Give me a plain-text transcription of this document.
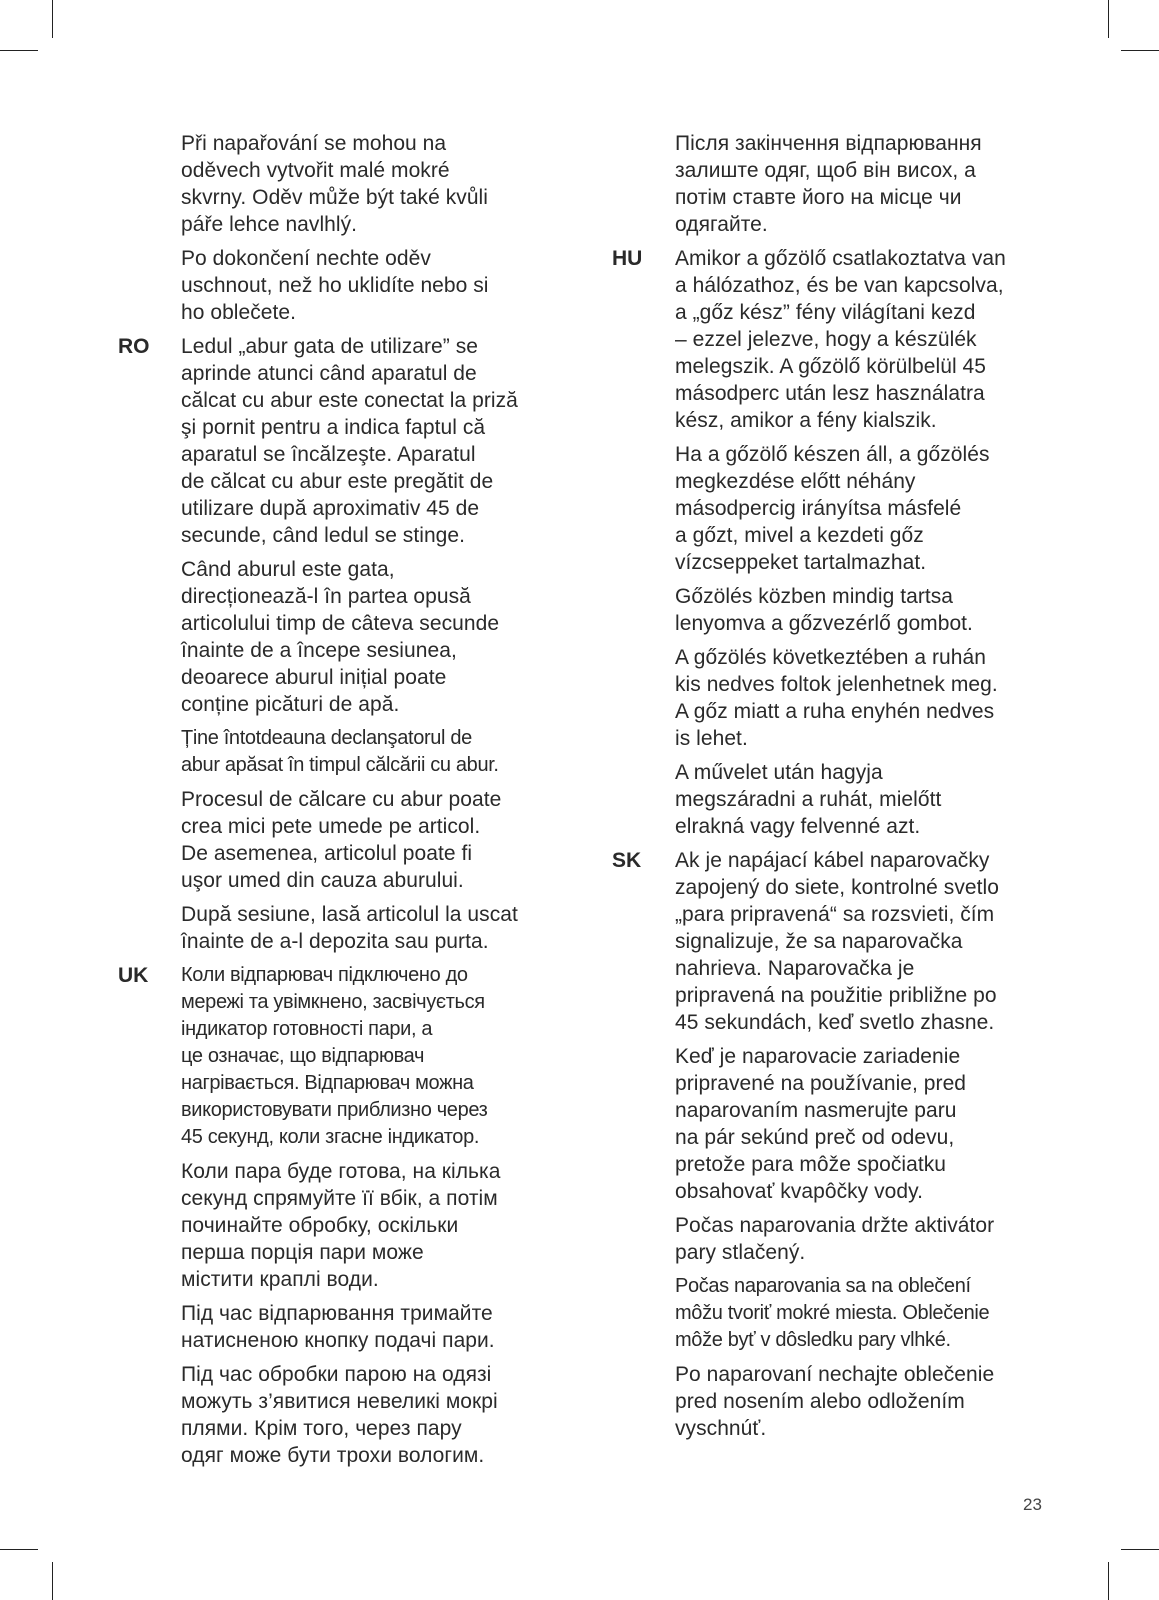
Při napařování se mohou na
oděvech vytvořit malé mokré
skvrny. Oděv může být také kvůli
páře lehce navlhlý.

Po dokončení nechte oděv
uschnout, než ho uklidíte nebo si
ho oblečete.

RO Ledul „abur gata de utilizare” se
aprinde atunci când aparatul de
călcat cu abur este conectat la priză
şi pornit pentru a indica faptul că
aparatul se încălzeşte. Aparatul
de călcat cu abur este pregătit de
utilizare după aproximativ 45 de
secunde, când ledul se stinge.

Când aburul este gata,
direcționează-l în partea opusă
articolului timp de câteva secunde
înainte de a începe sesiunea,
deoarece aburul inițial poate
conține picături de apă.

Ține întotdeauna declanşatorul de
abur apăsat în timpul călcării cu abur.

Procesul de călcare cu abur poate
crea mici pete umede pe articol.
De asemenea, articolul poate fi
uşor umed din cauza aburului.

După sesiune, lasă articolul la uscat
înainte de a-l depozita sau purta.

UK Коли відпарювач підключено до
мережі та увімкнено, засвічується
індикатор готовності пари, а
це означає, що відпарювач
нагрівається. Відпарювач можна
використовувати приблизно через
45 секунд, коли згасне індикатор.

Коли пара буде готова, на кілька
секунд спрямуйте її вбік, а потім
починайте обробку, оскільки
перша порція пари може
містити краплі води.

Під час відпарювання тримайте
натисненою кнопку подачі пари.

Під час обробки парою на одязі
можуть з’явитися невеликі мокрі
плями. Крім того, через пару
одяг може бути трохи вологим.

Після закінчення відпарювання
залиште одяг, щоб він висох, а
потім ставте його на місце чи
одягайте.

HU Amikor a gőzölő csatlakoztatva van
a hálózathoz, és be van kapcsolva,
a „gőz kész” fény világítani kezd
– ezzel jelezve, hogy a készülék
melegszik. A gőzölő körülbelül 45
másodperc után lesz használatra
kész, amikor a fény kialszik.

Ha a gőzölő készen áll, a gőzölés
megkezdése előtt néhány
másodpercig irányítsa másfelé
a gőzt, mivel a kezdeti gőz
vízcseppeket tartalmazhat.

Gőzölés közben mindig tartsa
lenyomva a gőzvezérlő gombot.

A gőzölés következtében a ruhán
kis nedves foltok jelenhetnek meg.
A gőz miatt a ruha enyhén nedves
is lehet.

A művelet után hagyja
megszáradni a ruhát, mielőtt
elrakná vagy felvenné azt.

SK Ak je napájací kábel naparovačky
zapojený do siete, kontrolné svetlo
„para pripravená“ sa rozsvieti, čím
signalizuje, že sa naparovačka
nahrieva. Naparovačka je
pripravená na použitie približne po
45 sekundách, keď svetlo zhasne.

Keď je naparovacie zariadenie
pripravené na používanie, pred
naparovaním nasmerujte paru
na pár sekúnd preč od odevu,
pretože para môže spočiatku
obsahovať kvapôčky vody.

Počas naparovania držte aktivátor
pary stlačený.

Počas naparovania sa na oblečení
môžu tvoriť mokré miesta. Oblečenie
môže byť v dôsledku pary vlhké.

Po naparovaní nechajte oblečenie
pred nosením alebo odložením
vyschnúť.

23
